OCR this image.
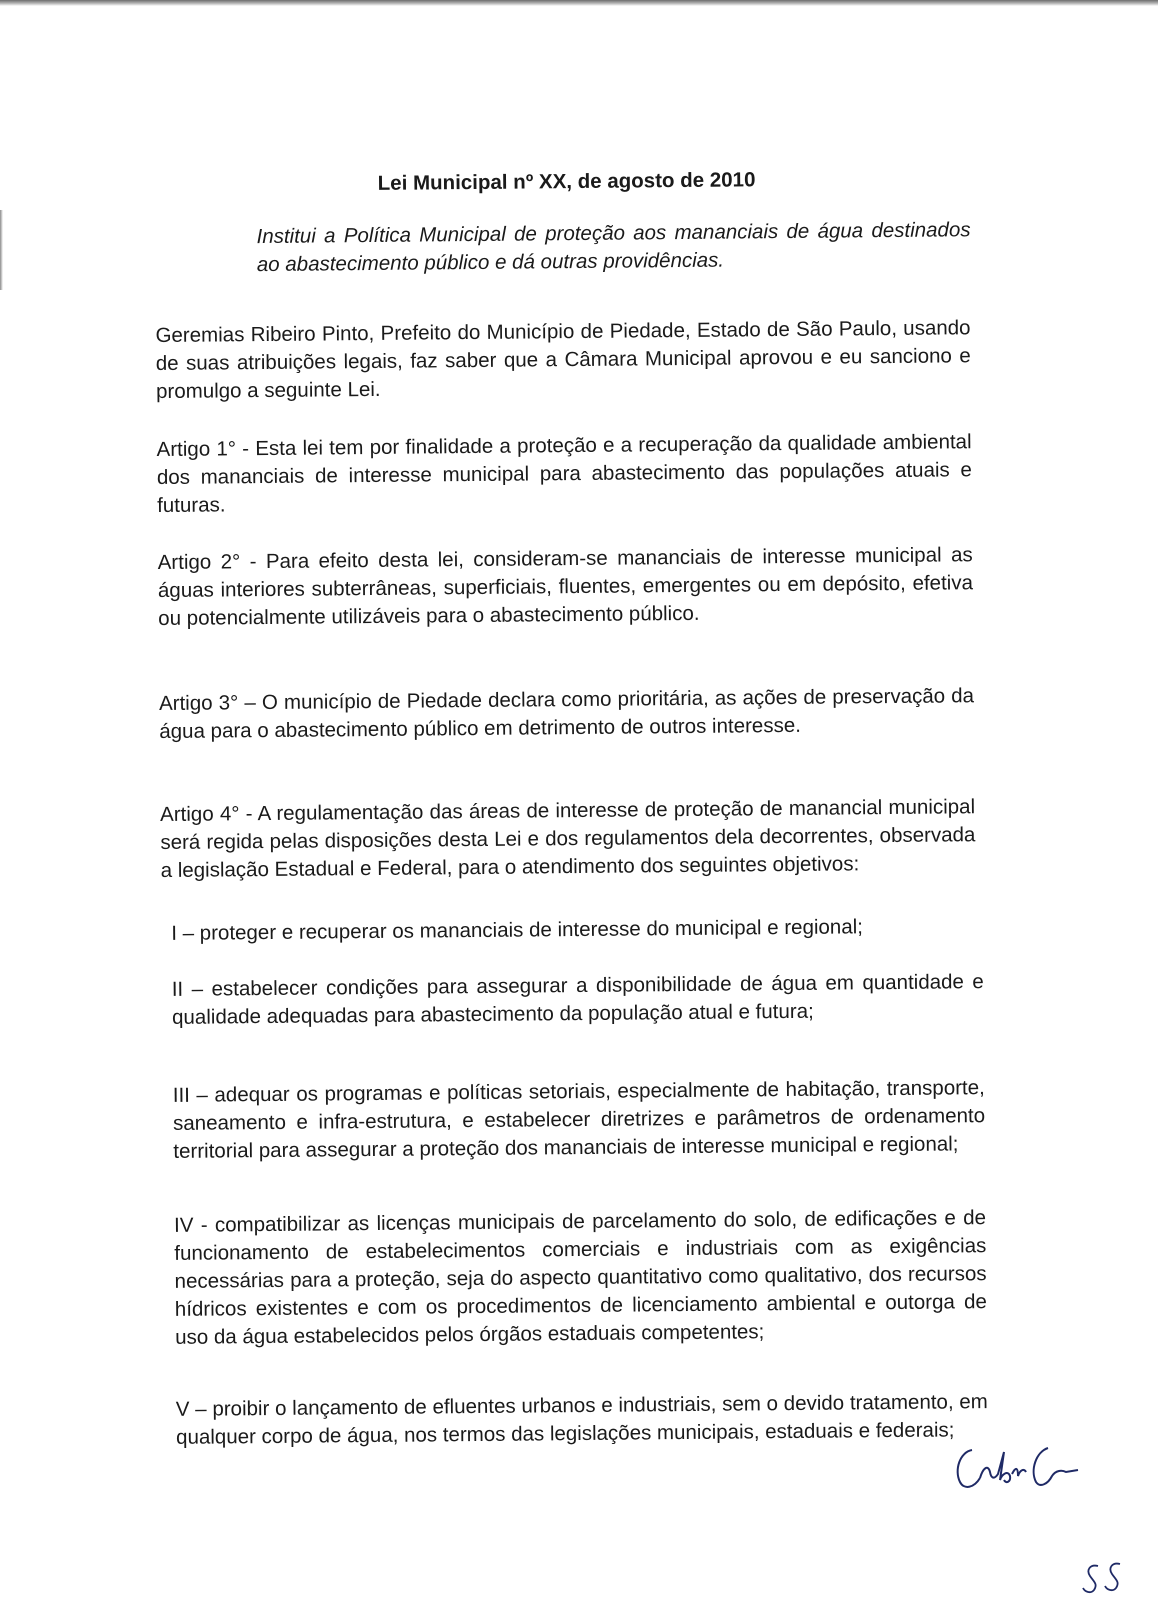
Lei Municipal nº XX, de agosto de 2010

Institui a Política Municipal de proteção aos mananciais de água destinados ao abastecimento público e dá outras providências.

Geremias Ribeiro Pinto, Prefeito do Município de Piedade, Estado de São Paulo, usando de suas atribuições legais, faz saber que a Câmara Municipal aprovou e eu sanciono e promulgo a seguinte Lei.

Artigo 1° - Esta lei tem por finalidade a proteção e a recuperação da qualidade ambiental dos mananciais de interesse municipal para abastecimento das populações atuais e futuras.

Artigo 2° - Para efeito desta lei, consideram-se mananciais de interesse municipal as águas interiores subterrâneas, superficiais, fluentes, emergentes ou em depósito, efetiva ou potencialmente utilizáveis para o abastecimento público.

Artigo 3° – O município de Piedade declara como prioritária, as ações de preservação da água para o abastecimento público em detrimento de outros interesse.

Artigo 4° - A regulamentação das áreas de interesse de proteção de manancial municipal será regida pelas disposições desta Lei e dos regulamentos dela decorrentes, observada a legislação Estadual e Federal, para o atendimento dos seguintes objetivos:

I – proteger e recuperar os mananciais de interesse do municipal e regional;

II – estabelecer condições para assegurar a disponibilidade de água em quantidade e qualidade adequadas para abastecimento da população atual e futura;

III – adequar os programas e políticas setoriais, especialmente de habitação, transporte, saneamento e infra-estrutura, e estabelecer diretrizes e parâmetros de ordenamento territorial para assegurar a proteção dos mananciais de interesse municipal e regional;

IV - compatibilizar as licenças municipais de parcelamento do solo, de edificações e de funcionamento de estabelecimentos comerciais e industriais com as exigências necessárias para a proteção, seja do aspecto quantitativo como qualitativo, dos recursos hídricos existentes e com os procedimentos de licenciamento ambiental e outorga de uso da água estabelecidos pelos órgãos estaduais competentes;

V – proibir o lançamento de efluentes urbanos e industriais, sem o devido tratamento, em qualquer corpo de água, nos termos das legislações municipais, estaduais e federais;
